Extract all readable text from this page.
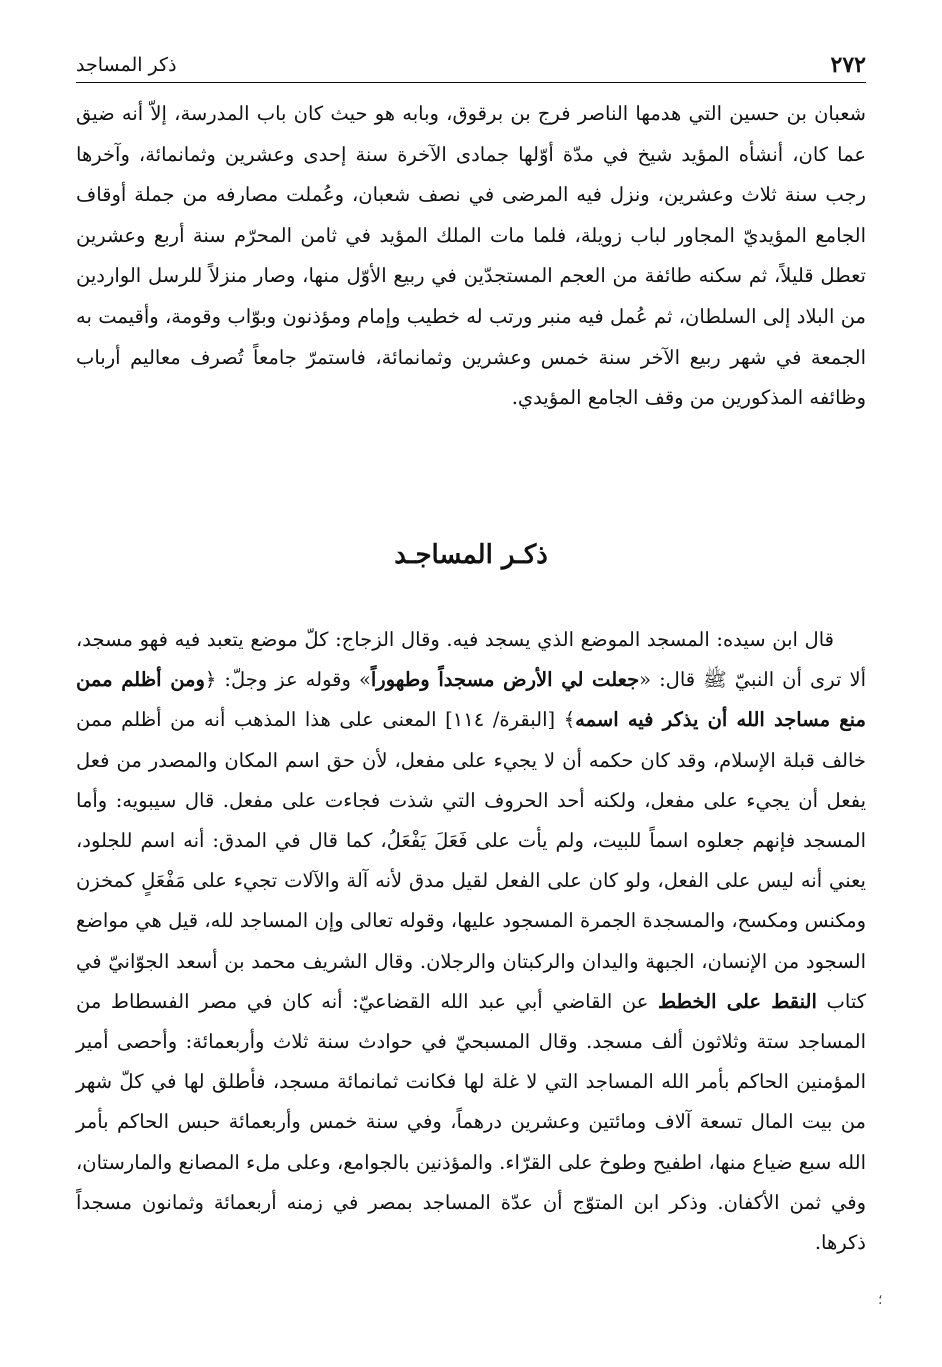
٢٧٢
ذكر المساجد

شعبان بن حسين التي هدمها الناصر فرج بن برقوق، وبابه هو حيث كان باب المدرسة، إلاّ أنه ضيق عما كان، أنشأه المؤيد شيخ في مدّة أوّلها جمادى الآخرة سنة إحدى وعشرين وثمانمائة، وآخرها رجب سنة ثلاث وعشرين، ونزل فيه المرضى في نصف شعبان، وعُملت مصارفه من جملة أوقاف الجامع المؤيديّ المجاور لباب زويلة، فلما مات الملك المؤيد في ثامن المحرّم سنة أربع وعشرين تعطل قليلاً، ثم سكنه طائفة من العجم المستجدّين في ربيع الأوّل منها، وصار منزلاً للرسل الواردين من البلاد إلى السلطان، ثم عُمل فيه منبر ورتب له خطيب وإمام ومؤذنون وبوّاب وقومة، وأقيمت به الجمعة في شهر ربيع الآخر سنة خمس وعشرين وثمانمائة، فاستمرّ جامعاً تُصرف معاليم أرباب وظائفه المذكورين من وقف الجامع المؤيدي.

ذكـر المساجـد

قال ابن سيده: المسجد الموضع الذي يسجد فيه. وقال الزجاج: كلّ موضع يتعبد فيه فهو مسجد، ألا ترى أن النبيّ ﷺ قال: «جعلت لي الأرض مسجداً وطهوراً» وقوله عز وجلّ: ﴿ومن أظلم ممن منع مساجد الله أن يذكر فيه اسمه﴾ [البقرة/ ١١٤] المعنى على هذا المذهب أنه من أظلم ممن خالف قبلة الإسلام، وقد كان حكمه أن لا يجيء على مفعل، لأن حق اسم المكان والمصدر من فعل يفعل أن يجيء على مفعل، ولكنه أحد الحروف التي شذت فجاءت على مفعل. قال سيبويه: وأما المسجد فإنهم جعلوه اسماً للبيت، ولم يأت على فَعَلَ يَفْعَلُ، كما قال في المدق: أنه اسم للجلود، يعني أنه ليس على الفعل، ولو كان على الفعل لقيل مدق لأنه آلة والآلات تجيء على مَفْعَلٍ كمخزن ومكنس ومكسح، والمسجدة الجمرة المسجود عليها، وقوله تعالى وإن المساجد لله، قيل هي مواضع السجود من الإنسان، الجبهة واليدان والركبتان والرجلان. وقال الشريف محمد بن أسعد الجوّانيّ في كتاب النقط على الخطط عن القاضي أبي عبد الله القضاعيّ: أنه كان في مصر الفسطاط من المساجد ستة وثلاثون ألف مسجد. وقال المسبحيّ في حوادث سنة ثلاث وأربعمائة: وأحصى أمير المؤمنين الحاكم بأمر الله المساجد التي لا غلة لها فكانت ثمانمائة مسجد، فأطلق لها في كلّ شهر من بيت المال تسعة آلاف ومائتين وعشرين درهماً، وفي سنة خمس وأربعمائة حبس الحاكم بأمر الله سبع ضياع منها، اطفيح وطوخ على القرّاء. والمؤذنين بالجوامع، وعلى ملء المصانع والمارستان، وفي ثمن الأكفان. وذكر ابن المتوّج أن عدّة المساجد بمصر في زمنه أربعمائة وثمانون مسجداً ذكرها.

؛
